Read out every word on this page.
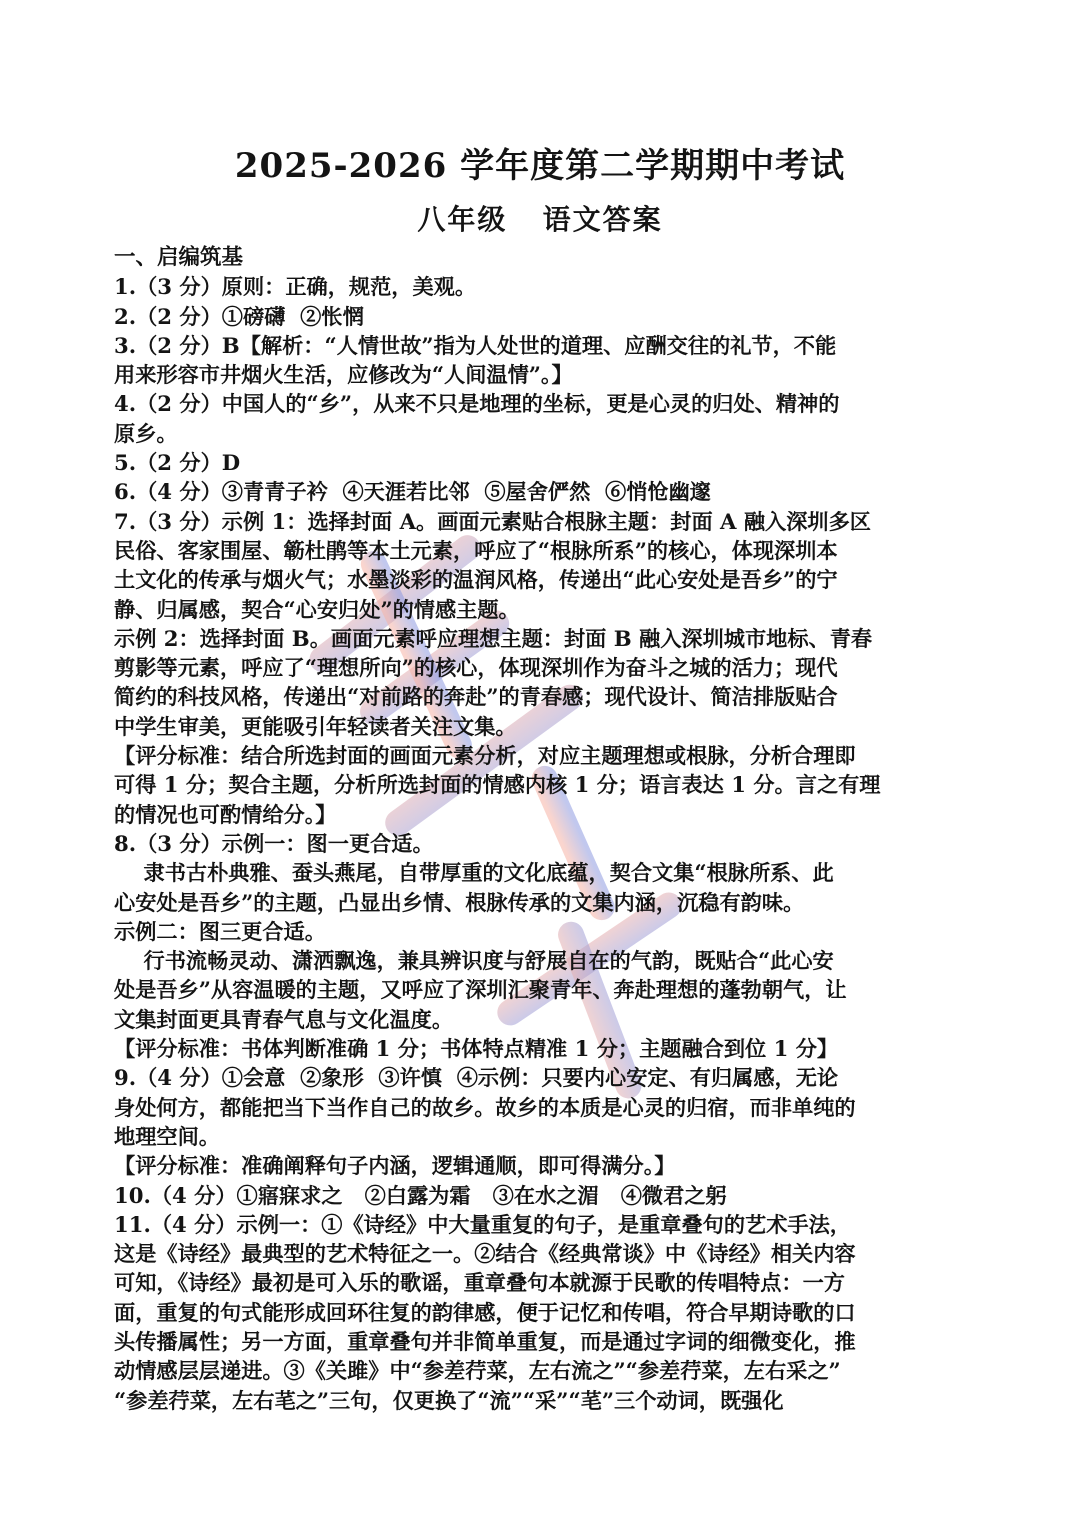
2025-2026 学年度第二学期期中考试
八年级   语文答案
一、启编筑基
1.（3 分）原则：正确，规范，美观。
2.（2 分）①磅礴  ②怅惘
3.（2 分）B【解析：“人情世故”指为人处世的道理、应酬交往的礼节，不能
用来形容市井烟火生活，应修改为“人间温情”。】
4.（2 分）中国人的“乡”，从来不只是地理的坐标，更是心灵的归处、精神的
原乡。
5.（2 分）D
6.（4 分）③青青子衿  ④天涯若比邻  ⑤屋舍俨然  ⑥悄怆幽邃
7.（3 分）示例 1：选择封面 A。画面元素贴合根脉主题：封面 A 融入深圳多区
民俗、客家围屋、簕杜鹃等本土元素，呼应了“根脉所系”的核心，体现深圳本
土文化的传承与烟火气；水墨淡彩的温润风格，传递出“此心安处是吾乡”的宁
静、归属感，契合“心安归处”的情感主题。
示例 2：选择封面 B。画面元素呼应理想主题：封面 B 融入深圳城市地标、青春
剪影等元素，呼应了“理想所向”的核心，体现深圳作为奋斗之城的活力；现代
简约的科技风格，传递出“对前路的奔赴”的青春感；现代设计、简洁排版贴合
中学生审美，更能吸引年轻读者关注文集。
【评分标准：结合所选封面的画面元素分析，对应主题理想或根脉，分析合理即
可得 1 分；契合主题，分析所选封面的情感内核 1 分；语言表达 1 分。言之有理
的情况也可酌情给分。】
8.（3 分）示例一：图一更合适。
隶书古朴典雅、蚕头燕尾，自带厚重的文化底蕴，契合文集“根脉所系、此
心安处是吾乡”的主题，凸显出乡情、根脉传承的文集内涵，沉稳有韵味。
示例二：图三更合适。
行书流畅灵动、潇洒飘逸，兼具辨识度与舒展自在的气韵，既贴合“此心安
处是吾乡”从容温暖的主题，又呼应了深圳汇聚青年、奔赴理想的蓬勃朝气，让
文集封面更具青春气息与文化温度。
【评分标准：书体判断准确 1 分；书体特点精准 1 分；主题融合到位 1 分】
9.（4 分）①会意  ②象形  ③许慎  ④示例：只要内心安定、有归属感，无论
身处何方，都能把当下当作自己的故乡。故乡的本质是心灵的归宿，而非单纯的
地理空间。
【评分标准：准确阐释句子内涵，逻辑通顺，即可得满分。】
10.（4 分）①寤寐求之   ②白露为霜   ③在水之湄   ④微君之躬
11.（4 分）示例一：①《诗经》中大量重复的句子，是重章叠句的艺术手法，
这是《诗经》最典型的艺术特征之一。②结合《经典常谈》中《诗经》相关内容
可知，《诗经》最初是可入乐的歌谣，重章叠句本就源于民歌的传唱特点：一方
面，重复的句式能形成回环往复的韵律感，便于记忆和传唱，符合早期诗歌的口
头传播属性；另一方面，重章叠句并非简单重复，而是通过字词的细微变化，推
动情感层层递进。③《关雎》中“参差荇菜，左右流之”“参差荇菜，左右采之”
“参差荇菜，左右芼之”三句，仅更换了“流”“采”“芼”三个动词，既强化
